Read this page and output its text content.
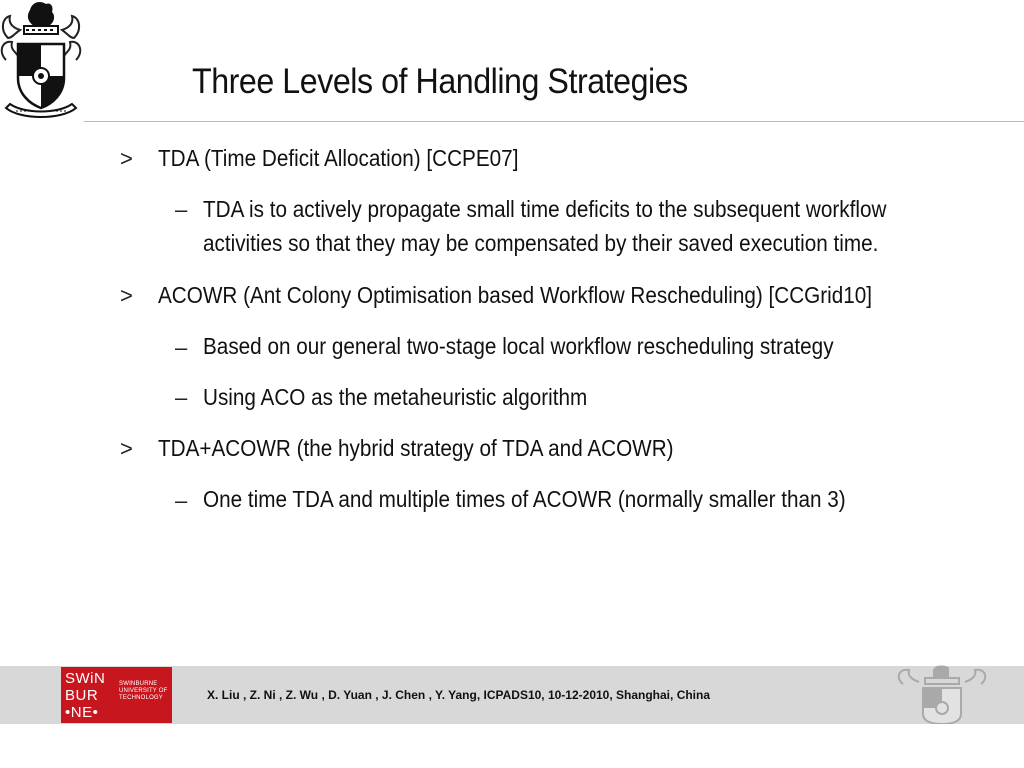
Three Levels of Handling Strategies
> TDA (Time Deficit Allocation) [CCPE07]
– TDA is to actively propagate small time deficits to the subsequent workflow
activities so that they may be compensated by their saved execution time.
> ACOWR (Ant Colony Optimisation based Workflow Rescheduling) [CCGrid10]
– Based on our general two-stage local workflow rescheduling strategy
– Using ACO as the metaheuristic algorithm
> TDA+ACOWR (the hybrid strategy of TDA and ACOWR)
– One time TDA and multiple times of ACOWR (normally smaller than 3)
SWiN
BUR
•NE•
SWINBURNE
UNIVERSITY OF
TECHNOLOGY	X. Liu , Z. Ni , Z. Wu , D. Yuan , J. Chen , Y. Yang, ICPADS10, 10-12-2010, Shanghai, China
